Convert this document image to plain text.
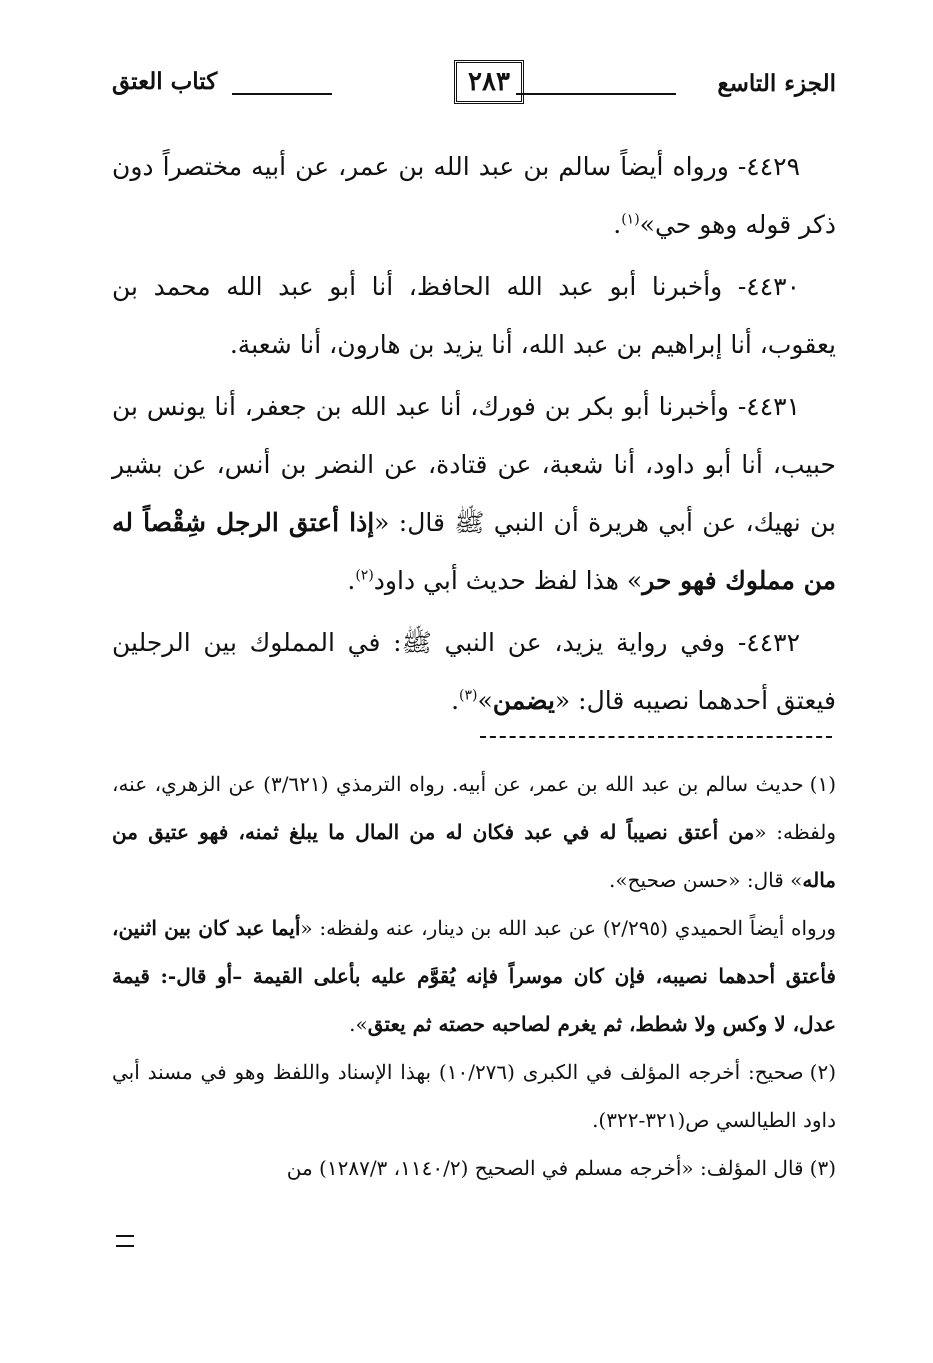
الجزء التاسع
٢٨٣
كتاب العتق

٤٤٢٩- ورواه أيضاً سالم بن عبد الله بن عمر، عن أبيه مختصراً دون ذكر قوله وهو حي»$^{(١)}$.

٤٤٣٠- وأخبرنا أبو عبد الله الحافظ، أنا أبو عبد الله محمد بن يعقوب، أنا إبراهيم بن عبد الله، أنا يزيد بن هارون، أنا شعبة.

٤٤٣١- وأخبرنا أبو بكر بن فورك، أنا عبد الله بن جعفر، أنا يونس بن حبيب، أنا أبو داود، أنا شعبة، عن قتادة، عن النضر بن أنس، عن بشير بن نهيك، عن أبي هريرة أن النبي ﷺ قال: «إذا أعتق الرجل شِقْصاً له من مملوك فهو حر» هذا لفظ حديث أبي داود$^{(٢)}$.

٤٤٣٢- وفي رواية يزيد، عن النبي ﷺ: في المملوك بين الرجلين فيعتق أحدهما نصيبه قال: «يضمن»$^{(٣)}$.

(١)حديث سالم بن عبد الله بن عمر، عن أبيه. رواه الترمذي (٣/٦٢١) عن الزهري، عنه، ولفظه: «من أعتق نصيباً له في عبد فكان له من المال ما يبلغ ثمنه، فهو عتيق من ماله» قال: «حسن صحيح».

ورواه أيضاً الحميدي (٢/٢٩٥) عن عبد الله بن دينار، عنه ولفظه: «أيما عبد كان بين اثنين، فأعتق أحدهما نصيبه، فإن كان موسراً فإنه يُقوَّم عليه بأعلى القيمة –أو قال-: قيمة عدل، لا وكس ولا شطط، ثم يغرم لصاحبه حصته ثم يعتق».

(٢)صحيح: أخرجه المؤلف في الكبرى (١٠/٢٧٦) بهذا الإسناد واللفظ وهو في مسند أبي داود الطيالسي ص(٣٢١-٣٢٢).

(٣)قال المؤلف: «أخرجه مسلم في الصحيح (١١٤٠/٢، ١٢٨٧/٣) من
